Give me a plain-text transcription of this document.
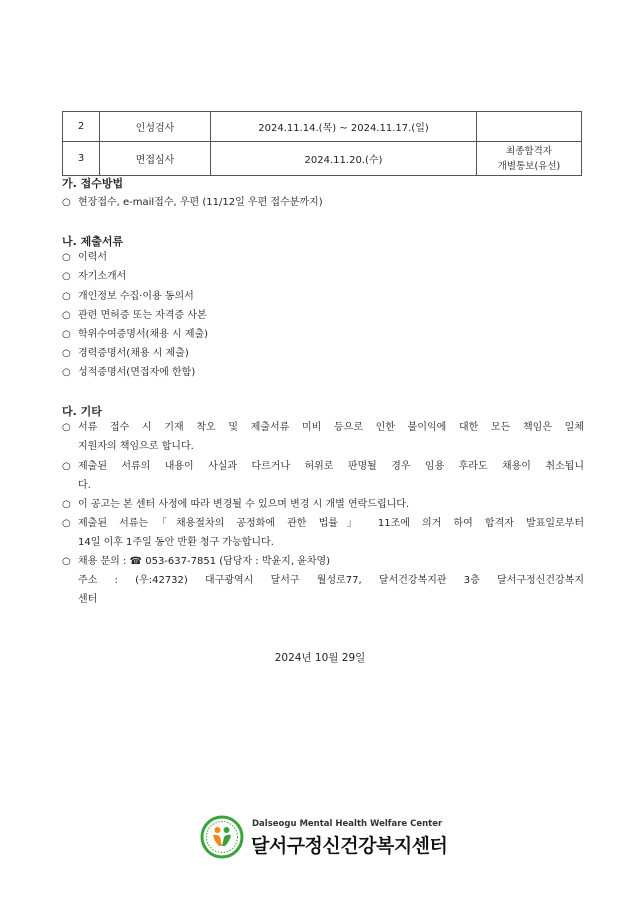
2	인성검사	2024.11.14.(목) ~ 2024.11.17.(일)	
3	면접심사	2024.11.20.(수)	최종합격자
개별통보(유선)
가. 접수방법
○ 현장접수, e-mail접수, 우편 (11/12일 우편 접수분까지)
나. 제출서류
○ 이력서
○ 자기소개서
○ 개인정보 수집·이용 동의서
○ 관련 면허증 또는 자격증 사본
○ 학위수여증명서(채용 시 제출)
○ 경력증명서(채용 시 제출)
○ 성적증명서(면접자에 한함)
다. 기타
○ 서류 접수 시 기재 착오 및 제출서류 미비 등으로 인한 불이익에 대한 모든 책임은 일체
지원자의 책임으로 합니다.
○ 제출된 서류의 내용이 사실과 다르거나 허위로 판명될 경우 임용 후라도 채용이 취소됩니
다.
○ 이 공고는 본 센터 사정에 따라 변경될 수 있으며 변경 시 개별 연락드립니다.
○ 제출된 서류는「채용절차의 공정화에 관한 법률」 11조에 의거 하여 합격자 발표일로부터
14일 이후 1주일 동안 반환 청구 가능합니다.
○ 채용 문의 : ☎ 053-637-7851 (담당자 : 박윤지, 윤차영)
주소 : (우:42732) 대구광역시 달서구 월성로77, 달서건강복지관 3층 달서구정신건강복지
센터
2024년 10월 29일
Dalseogu Mental Health Welfare Center
달서구정신건강복지센터
